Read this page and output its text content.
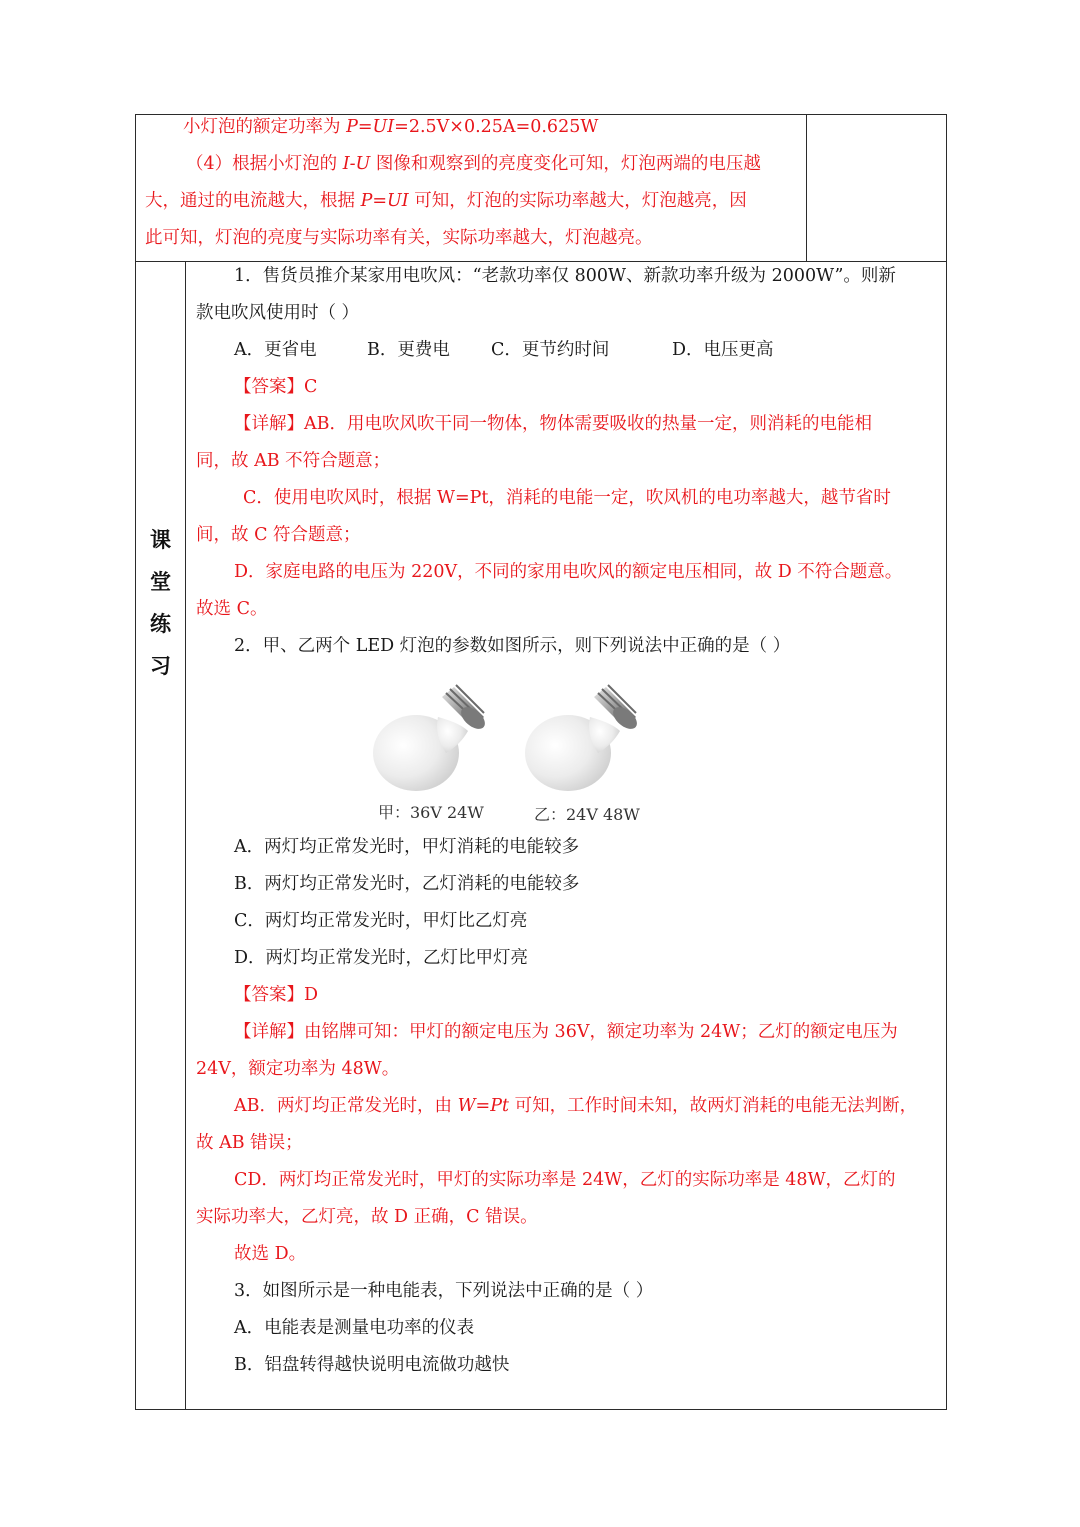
小灯泡的额定功率为 P=UI=2.5V×0.25A=0.625W
（4）根据小灯泡的 I-U 图像和观察到的亮度变化可知，灯泡两端的电压越
大，通过的电流越大，根据 P=UI 可知，灯泡的实际功率越大，灯泡越亮，因
此可知，灯泡的亮度与实际功率有关，实际功率越大，灯泡越亮。
课
堂
练
习
1．售货员推介某家用电吹风：“老款功率仅 800W、新款功率升级为 2000W”。则新
款电吹风使用时（ ）
A．更省电	B．更费电 C．更节约时间	D．电压更高
【答案】C
【详解】AB．用电吹风吹干同一物体，物体需要吸收的热量一定，则消耗的电能相
同，故 AB 不符合题意；
C．使用电吹风时，根据 W=Pt，消耗的电能一定，吹风机的电功率越大，越节省时
间，故 C 符合题意；
D．家庭电路的电压为 220V，不同的家用电吹风的额定电压相同，故 D 不符合题意。
故选 C。
2．甲、乙两个 LED 灯泡的参数如图所示，则下列说法中正确的是（ ）
甲：36V 24W	乙：24V 48W
A．两灯均正常发光时，甲灯消耗的电能较多
B．两灯均正常发光时，乙灯消耗的电能较多
C．两灯均正常发光时，甲灯比乙灯亮
D．两灯均正常发光时，乙灯比甲灯亮
【答案】D
【详解】由铭牌可知：甲灯的额定电压为 36V，额定功率为 24W；乙灯的额定电压为
24V，额定功率为 48W。
AB．两灯均正常发光时，由 W=Pt 可知，工作时间未知，故两灯消耗的电能无法判断，
故 AB 错误；
CD．两灯均正常发光时，甲灯的实际功率是 24W，乙灯的实际功率是 48W，乙灯的
实际功率大，乙灯亮，故 D 正确，C 错误。
故选 D。
3．如图所示是一种电能表，下列说法中正确的是（ ）
A．电能表是测量电功率的仪表
B．铝盘转得越快说明电流做功越快
